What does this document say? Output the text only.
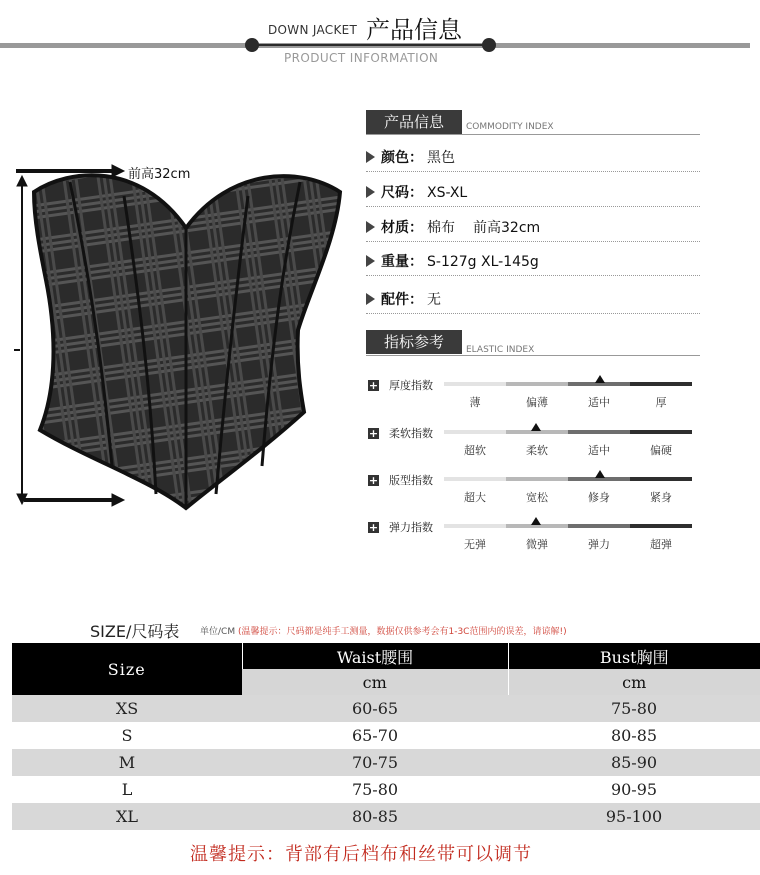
DOWN JACKET 产品信息
PRODUCT INFORMATION
前高32cm
产品信息	COMMODITY INDEX
颜色： 黑色
尺码： XS-XL
材质： 棉布 前高32cm
重量： S-127g XL-145g
配件： 无
指标参考	ELASTIC INDEX
+ 厚度指数
薄	偏薄	适中	厚
+ 柔软指数
超软	柔软	适中	偏硬
+ 版型指数
超大	宽松	修身	紧身
+ 弹力指数
无弹	微弹	弹力	超弹
SIZE/尺码表 单位/CM (温馨提示：尺码都是纯手工测量，数据仅供参考会有1-3C范围内的误差，请谅解!)
Size	Waist腰围	Bust胸围
	cm	cm
XS	60-65	75-80
S	65-70	80-85
M	70-75	85-90
L	75-80	90-95
XL	80-85	95-100
温馨提示：背部有后档布和丝带可以调节
